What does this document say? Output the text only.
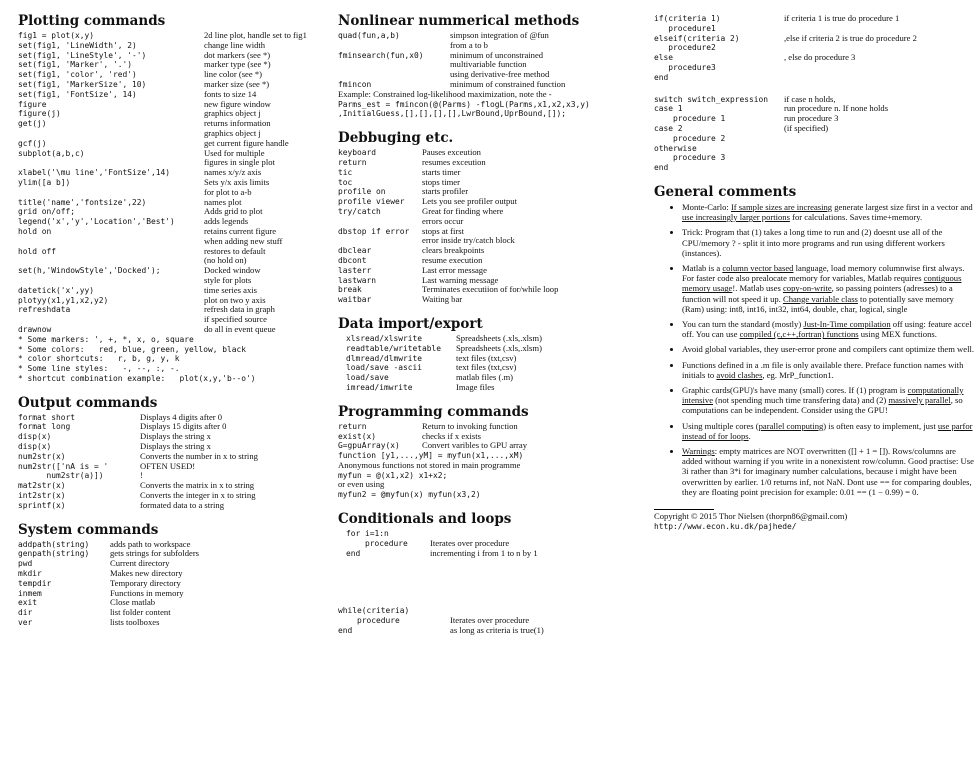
Plotting commands
fig1 = plot(x,y)	2d line plot, handle set to fig1
set(fig1, 'LineWidth', 2)	change line width
set(fig1, 'LineStyle', '-')	dot markers (see *)
set(fig1, 'Marker', '.')	marker type (see *)
set(fig1, 'color', 'red')	line color (see *)
set(fig1, 'MarkerSize', 10)	marker size (see *)
set(fig1, 'FontSize', 14)	fonts to size 14
figure	new figure window
figure(j)	graphics object j
get(j)	returns information
graphics object j
gcf(j)	get current figure handle
subplot(a,b,c)	Used for multiple
figures in single plot
xlabel('\mu line','FontSize',14)	names x/y/z axis
ylim([a b])	Sets y/x axis limits
for plot to a-b
title('name','fontsize',22)	names plot
grid on/off;	Adds grid to plot
legend('x','y','Location','Best')	adds legends
hold on	retains current figure
when adding new stuff
hold off	restores to default
(no hold on)
set(h,'WindowStyle','Docked');	Docked window
style for plots
datetick('x',yy)	time series axis
plotyy(x1,y1,x2,y2)	plot on two y axis
refreshdata	refresh data in graph
if specified source
drawnow	do all in event queue
* Some markers: ', +, *, x, o, square
* Some colors:   red, blue, green, yellow, black
* color shortcuts:   r, b, g, y, k
* Some line styles:   -, --, :, -.
* shortcut combination example:   plot(x,y,'b--o')
Output commands
format short	Displays 4 digits after 0
format long	Displays 15 digits after 0
disp(x)	Displays the string x
disp(x)	Displays the string x
num2str(x)	Converts the number in x to string
num2str(['nA is = '	OFTEN USED!
num2str(a)])	!
mat2str(x)	Converts the matrix in x to string
int2str(x)	Converts the integer in x to string
sprintf(x)	formated data to a string
System commands
addpath(string)	adds path to workspace
genpath(string)	gets strings for subfolders
pwd	Current directory
mkdir	Makes new directory
tempdir	Temporary directory
inmem	Functions in memory
exit	Close matlab
dir	list folder content
ver	lists toolboxes
Nonlinear nummerical methods
quad(fun,a,b)	simpson integration of @fun
from a to b
fminsearch(fun,x0)	minimum of unconstrained
multivariable function
using derivative-free method
fmincon	minimum of constrained function
Example: Constrained log-likelihood maximization, note the -
Parms_est = fmincon(@(Parms) -flogL(Parms,x1,x2,x3,y)
,InitialGuess,[],[],[],[],LwrBound,UprBound,[]);
Debbuging etc.
keyboard	Pauses exceution
return	resumes exceution
tic	starts timer
toc	stops timer
profile on	starts profiler
profile viewer	Lets you see profiler output
try/catch	Great for finding where
errors occur
dbstop if error	stops at first
error inside try/catch block
dbclear	clears breakpoints
dbcont	resume execution
lasterr	Last error message
lastwarn	Last warning message
break	Terminates executiion of for/while loop
waitbar	Waiting bar
Data import/export
xlsread/xlswrite	Spreadsheets (.xls,.xlsm)
readtable/writetable	Spreadsheets (.xls,.xlsm)
dlmread/dlmwrite	text files (txt,csv)
load/save -ascii	text files (txt,csv)
load/save	matlab files (.m)
imread/imwrite	Image files
Programming commands
return	Return to invoking function
exist(x)	checks if x exists
G=gpuArray(x)	Convert varibles to GPU array
function [y1,...,yM] = myfun(x1,...,xM)
Anonymous functions not stored in main programme
myfun = @(x1,x2) x1+x2;
or even using
myfun2 = @myfun(x) myfun(x3,2)
Conditionals and loops
for i=1:n
procedure	Iterates over procedure
end	incrementing i from 1 to n by 1
while(criteria)
procedure	Iterates over procedure
end	as long as criteria is true(1)
if(criteria 1)	if criteria 1 is true do procedure 1
procedure1
elseif(criteria 2)	,else if criteria 2 is true do procedure 2
procedure2
else	, else do procedure 3
procedure3
end
switch switch_expression	if case n holds,
case 1	run procedure n. If none holds
procedure 1	run procedure 3
case 2	(if specified)
procedure 2
otherwise
procedure 3
end
General comments
• Monte-Carlo: If sample sizes are increasing generate largest size first in a vector and use increasingly larger portions for calculations. Saves time+memory.
• Trick: Program that (1) takes a long time to run and (2) doesnt use all of the CPU/memory ? - split it into more programs and run using different workers (instances).
• Matlab is a column vector based language, load memory columnwise first always. For faster code also prealocate memory for variables, Matlab requires contiguous memory usage!. Matlab uses copy-on-write, so passing pointers (adresses) to a function will not speed it up. Change variable class to potentially save memory (Ram) using: int8, int16, int32, int64, double, char, logical, single
• You can turn the standard (mostly) Just-In-Time compilation off using: feature accel off. You can use compiled (c,c++,fortran) functions using MEX functions.
• Avoid global variables, they user-error prone and compilers cant optimize them well.
• Functions defined in a .m file is only available there. Preface function names with initials to avoid clashes, eg. MrP_function1.
• Graphic cards(GPU)'s have many (small) cores. If (1) program is computationally intensive (not spending much time transfering data) and (2) massively parallel, so computations can be independent. Consider using the GPU!
• Using multiple cores (parallel computing) is often easy to implement, just use parfor instead of for loops.
• Warnings: empty matrices are NOT overwritten ([] + 1 = []). Rows/columns are added without warning if you write in a nonexistent row/column. Good practise: Use 3i rather than 3*i for imaginary number calculations, because i might have been overwritten by earlier. 1/0 returns inf, not NaN. Dont use == for comparing doubles, they are floating point precision for example: 0.01 == (1 − 0.99) = 0.
Copyright © 2015 Thor Nielsen (thorpn86@gmail.com)
http://www.econ.ku.dk/pajhede/
